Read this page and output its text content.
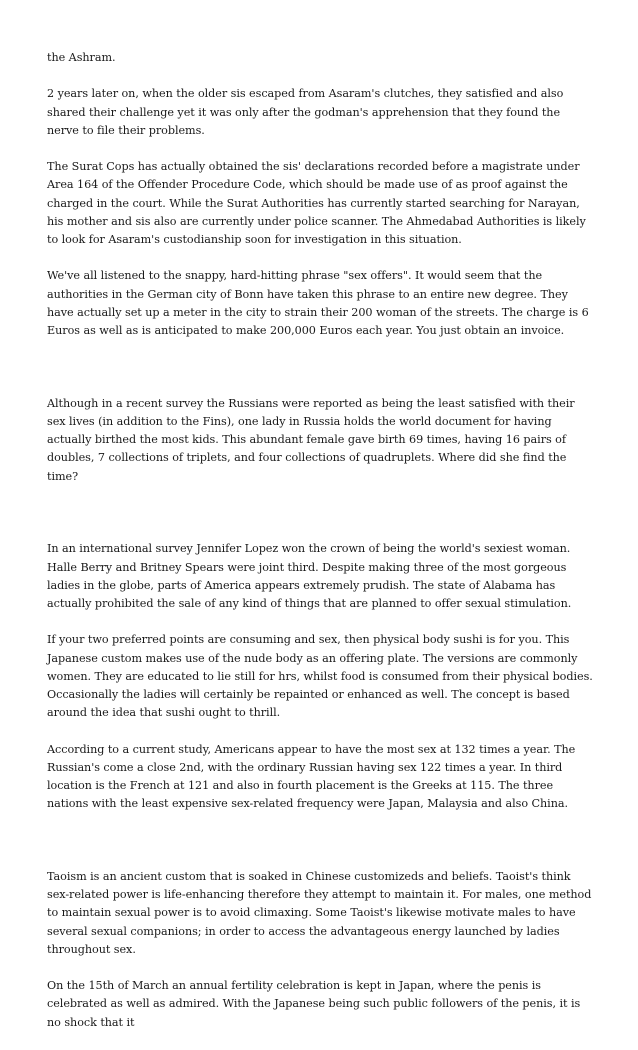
the Ashram.

2 years later on, when the older sis escaped from Asaram's clutches, they satisfied and also shared their challenge yet it was only after the godman's apprehension that they found the nerve to file their problems.

The Surat Cops has actually obtained the sis' declarations recorded before a magistrate under Area 164 of the Offender Procedure Code, which should be made use of as proof against the charged in the court. While the Surat Authorities has currently started searching for Narayan, his mother and sis also are currently under police scanner. The Ahmedabad Authorities is likely to look for Asaram's custodianship soon for investigation in this situation.

We've all listened to the snappy, hard-hitting phrase "sex offers". It would seem that the authorities in the German city of Bonn have taken this phrase to an entire new degree. They have actually set up a meter in the city to strain their 200 woman of the streets. The charge is 6 Euros as well as is anticipated to make 200,000 Euros each year. You just obtain an invoice.

Although in a recent survey the Russians were reported as being the least satisfied with their sex lives (in addition to the Fins), one lady in Russia holds the world document for having actually birthed the most kids. This abundant female gave birth 69 times, having 16 pairs of doubles, 7 collections of triplets, and four collections of quadruplets. Where did she find the time?

In an international survey Jennifer Lopez won the crown of being the world's sexiest woman. Halle Berry and Britney Spears were joint third. Despite making three of the most gorgeous ladies in the globe, parts of America appears extremely prudish. The state of Alabama has actually prohibited the sale of any kind of things that are planned to offer sexual stimulation.

If your two preferred points are consuming and sex, then physical body sushi is for you. This Japanese custom makes use of the nude body as an offering plate. The versions are commonly women. They are educated to lie still for hrs, whilst food is consumed from their physical bodies. Occasionally the ladies will certainly be repainted or enhanced as well. The concept is based around the idea that sushi ought to thrill.

According to a current study, Americans appear to have the most sex at 132 times a year. The Russian's come a close 2nd, with the ordinary Russian having sex 122 times a year. In third location is the French at 121 and also in fourth placement is the Greeks at 115. The three nations with the least expensive sex-related frequency were Japan, Malaysia and also China.

Taoism is an ancient custom that is soaked in Chinese customizeds and beliefs. Taoist's think sex-related power is life-enhancing therefore they attempt to maintain it. For males, one method to maintain sexual power is to avoid climaxing. Some Taoist's likewise motivate males to have several sexual companions; in order to access the advantageous energy launched by ladies throughout sex.

On the 15th of March an annual fertility celebration is kept in Japan, where the penis is celebrated as well as admired. With the Japanese being such public followers of the penis, it is no shock that it
